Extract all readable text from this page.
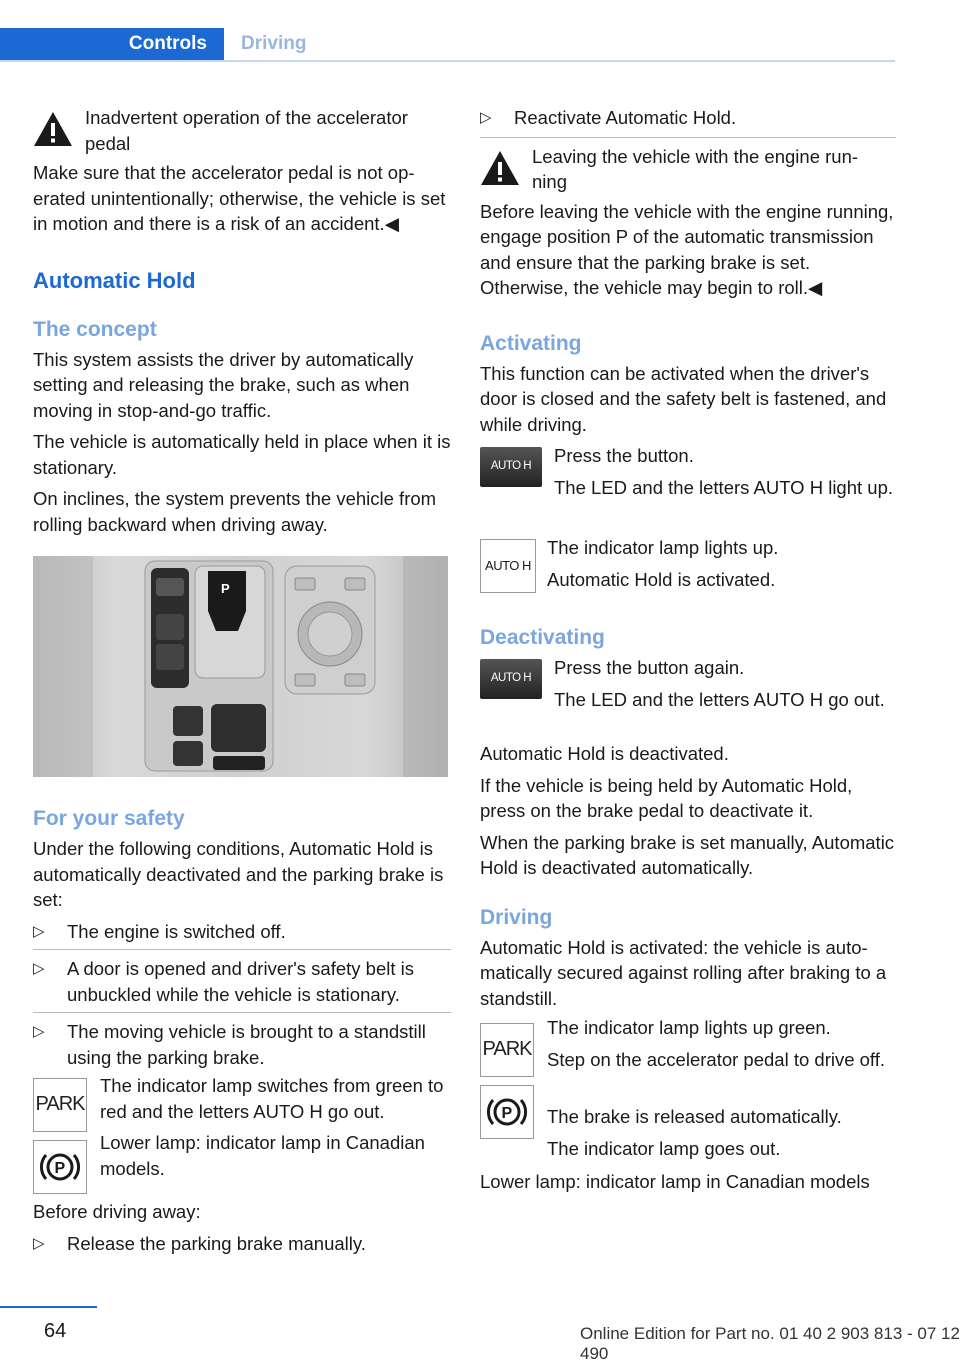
Controls Driving

Inadvertent operation of the accelerator pedal

Make sure that the accelerator pedal is not operated unintentionally; otherwise, the vehicle is set in motion and there is a risk of an accident.◀

Automatic Hold

The concept

This system assists the driver by automatically setting and releasing the brake, such as when moving in stop-and-go traffic.

The vehicle is automatically held in place when it is stationary.

On inclines, the system prevents the vehicle from rolling backward when driving away.

P

For your safety

Under the following conditions, Automatic Hold is automatically deactivated and the parking brake is set:

▷ The engine is switched off.
▷ A door is opened and driver's safety belt is unbuckled while the vehicle is stationary.
▷ The moving vehicle is brought to a standstill using the parking brake.
PARK
P

The indicator lamp switches from green to red and the letters AUTO H go out.

Lower lamp: indicator lamp in Canadian models.

Before driving away:

▷ Release the parking brake manually.
▷ Reactivate Automatic Hold.

Leaving the vehicle with the engine running

Before leaving the vehicle with the engine running, engage position P of the automatic transmission and ensure that the parking brake is set. Otherwise, the vehicle may begin to roll.◀

Activating

This function can be activated when the driver's door is closed and the safety belt is fastened, and while driving.

AUTO H

Press the button.

The LED and the letters AUTO H light up.

AUTO H

The indicator lamp lights up.

Automatic Hold is activated.

Deactivating

AUTO H

Press the button again.

The LED and the letters AUTO H go out.

Automatic Hold is deactivated.

If the vehicle is being held by Automatic Hold, press on the brake pedal to deactivate it.

When the parking brake is set manually, Automatic Hold is deactivated automatically.

Driving

Automatic Hold is activated: the vehicle is automatically secured against rolling after braking to a standstill.

PARK
P

The indicator lamp lights up green.

Step on the accelerator pedal to drive off.

The brake is released automatically.

The indicator lamp goes out.

Lower lamp: indicator lamp in Canadian models

64	Online Edition for Part no. 01 40 2 903 813 - 07 12 490
